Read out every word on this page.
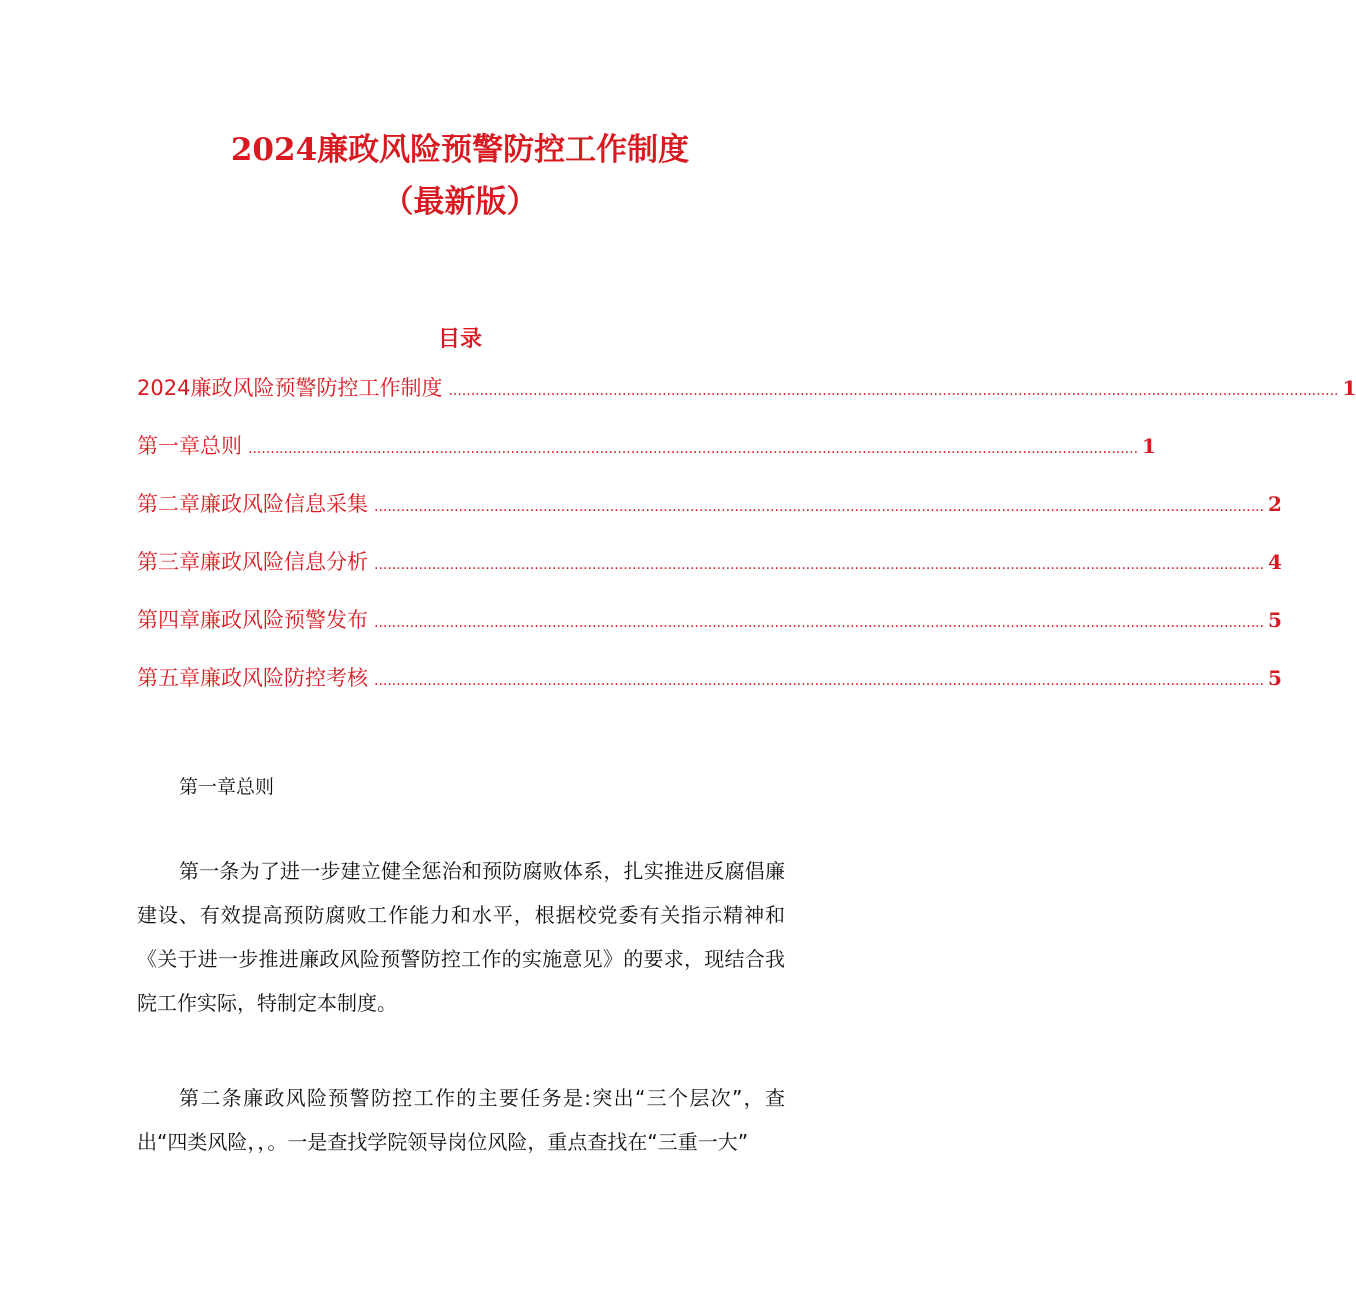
2024廉政风险预警防控工作制度
（最新版）
目录
2024廉政风险预警防控工作制度 ........................................................................................................................................................................................................ 1
第一章总则 ........................................................................................................................................................................................................ 1
第二章廉政风险信息采集 ........................................................................................................................................................................................................ 2
第三章廉政风险信息分析 ........................................................................................................................................................................................................ 4
第四章廉政风险预警发布 ........................................................................................................................................................................................................ 5
第五章廉政风险防控考核 ........................................................................................................................................................................................................ 5

第一章总则

第一条为了进一步建立健全惩治和预防腐败体系，扎实推进反腐倡廉建设、有效提高预防腐败工作能力和水平，根据校党委有关指示精神和《关于进一步推进廉政风险预警防控工作的实施意见》的要求，现结合我院工作实际，特制定本制度。

第二条廉政风险预警防控工作的主要任务是:突出“三个层次”，查出“四类风险，，。一是查找学院领导岗位风险，重点查找在“三重一大”
